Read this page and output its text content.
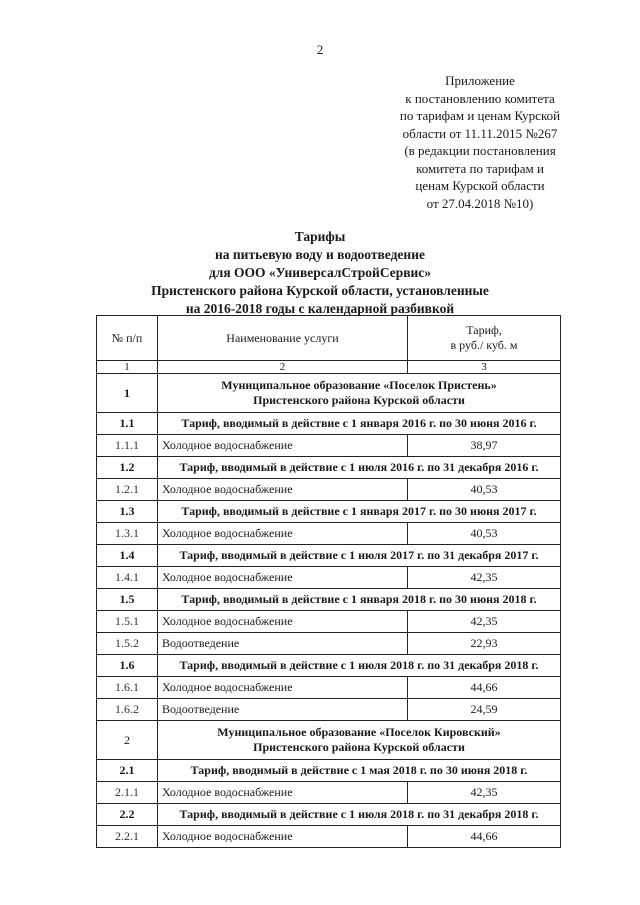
2
Приложение
к постановлению комитета
по тарифам и ценам Курской
области от 11.11.2015 №267
(в редакции постановления
комитета по тарифам и
ценам Курской области
от 27.04.2018 №10)
Тарифы
на питьевую воду и водоотведение
для ООО «УниверсалСтройСервис»
Пристенского района Курской области, установленные
на 2016-2018 годы с календарной разбивкой
№ п/п	Наименование услуги	Тариф,
в руб./ куб. м

1	2	3
1	Муниципальное образование «Поселок Пристень»
Пристенского района Курской области	

1.1	Тариф, вводимый в действие с 1 января 2016 г. по 30 июня 2016 г.	
1.1.1	Холодное водоснабжение	38,97
1.2	Тариф, вводимый в действие с 1 июля 2016 г. по 31 декабря 2016 г.	
1.2.1	Холодное водоснабжение	40,53
1.3	Тариф, вводимый в действие с 1 января 2017 г. по 30 июня 2017 г.	
1.3.1	Холодное водоснабжение	40,53
1.4	Тариф, вводимый в действие с 1 июля 2017 г. по 31 декабря 2017 г.	
1.4.1	Холодное водоснабжение	42,35
1.5	Тариф, вводимый в действие с 1 января 2018 г. по 30 июня 2018 г.	
1.5.1	Холодное водоснабжение	42,35
1.5.2	Водоотведение	22,93
1.6	Тариф, вводимый в действие с 1 июля 2018 г. по 31 декабря 2018 г.	
1.6.1	Холодное водоснабжение	44,66
1.6.2	Водоотведение	24,59
2	Муниципальное образование «Поселок Кировский»
Пристенского района Курской области	

2.1	Тариф, вводимый в действие с 1 мая 2018 г. по 30 июня 2018 г.	
2.1.1	Холодное водоснабжение	42,35
2.2	Тариф, вводимый в действие с 1 июля 2018 г. по 31 декабря 2018 г.	
2.2.1	Холодное водоснабжение	44,66
